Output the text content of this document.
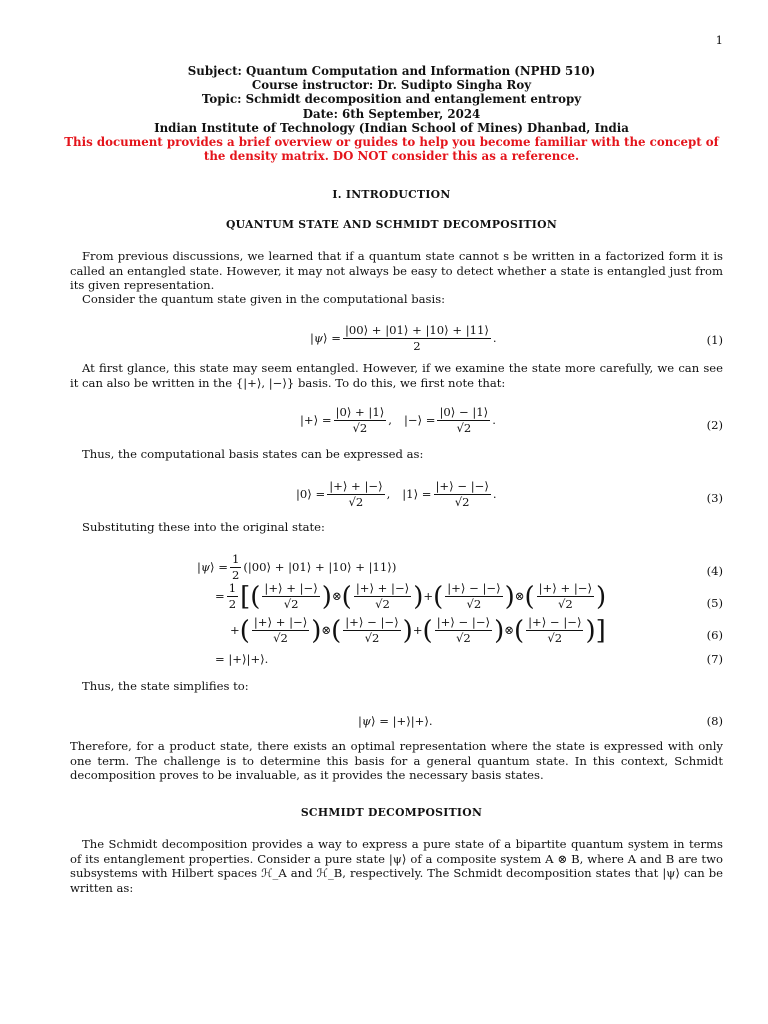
1
Subject: Quantum Computation and Information (NPHD 510)
Course instructor: Dr. Sudipto Singha Roy
Topic: Schmidt decomposition and entanglement entropy
Date: 6th September, 2024
Indian Institute of Technology (Indian School of Mines) Dhanbad, India
This document provides a brief overview or guides to help you become familiar with the concept of the density matrix. DO NOT consider this as a reference.
I. INTRODUCTION
QUANTUM STATE AND SCHMIDT DECOMPOSITION
From previous discussions, we learned that if a quantum state cannot s be written in a factorized form it is called an entangled state. However, it may not always be easy to detect whether a state is entangled just from its given representation.
Consider the quantum state given in the computational basis:
| ψ ⟩ = $\frac{|00⟩ + |01⟩ + |10⟩ + |11⟩}{2}$ .	(1)
At first glance, this state may seem entangled. However, if we examine the state more carefully, we can see it can also be written in the {|+⟩, |−⟩} basis. To do this, we first note that:
|+⟩ = $\frac{|0⟩ + |1⟩}{√2}$ ,
|−⟩ = $\frac{|0⟩ - |1⟩}{√2}$ .	(2)
Thus, the computational basis states can be expressed as:
|0⟩ = $\frac{|+⟩ + |-⟩}{√2}$ ,
|1⟩ = $\frac{|+⟩ - |-⟩}{√2}$ .	(3)
Substituting these into the original state:
| ψ ⟩ = $\frac{1}{2}$ (|00⟩ + |01⟩ + |10⟩ + |11⟩)	(4)
= $\frac{1}{2}$ [ ( $\frac{|+⟩ + |-⟩}{√2}$ ) ⊗ ( $\frac{|+⟩ + |-⟩}{√2}$ ) + ( $\frac{|+⟩ - |-⟩}{√2}$ ) ⊗ ( $\frac{|+⟩ + |-⟩}{√2}$ )	(5)
+ ( $\frac{|+⟩ + |-⟩}{√2}$ ) ⊗ ( $\frac{|+⟩ - |-⟩}{√2}$ ) + ( $\frac{|+⟩ - |-⟩}{√2}$ ) ⊗ ( $\frac{|+⟩ - |-⟩}{√2}$ ) ]	(6)
= |+⟩|+⟩.	(7)
Thus, the state simplifies to:
| ψ ⟩ = |+⟩|+⟩.	(8)
Therefore, for a product state, there exists an optimal representation where the state is expressed with only one term. The challenge is to determine this basis for a general quantum state. In this context, Schmidt decomposition proves to be invaluable, as it provides the necessary basis states.
SCHMIDT DECOMPOSITION
The Schmidt decomposition provides a way to express a pure state of a bipartite quantum system in terms of its entanglement properties. Consider a pure state |ψ⟩ of a composite system A ⊗ B, where A and B are two subsystems with Hilbert spaces ℋ_A and ℋ_B, respectively. The Schmidt decomposition states that |ψ⟩ can be written as:
